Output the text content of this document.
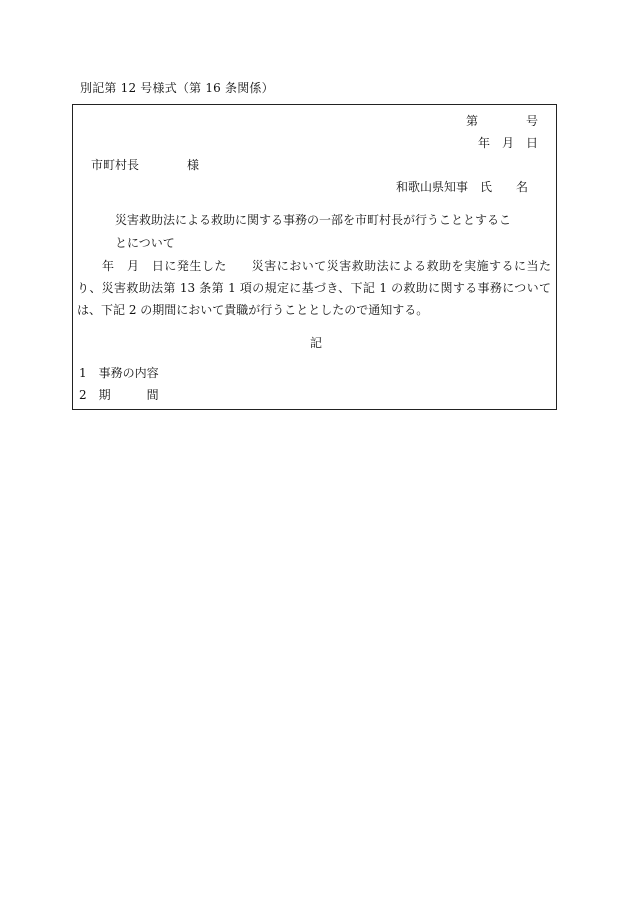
別記第 12 号様式（第 16 条関係）
第　　　　号
年　月　日
市町村長　　　　様
和歌山県知事　氏　　名
災害救助法による救助に関する事務の一部を市町村長が行うこととするこ
とについて
　　年　月　日に発生した　　災害において災害救助法による救助を実施するに当たり、災害救助法第 13 条第 1 項の規定に基づき、下記 1 の救助に関する事務については、下記 2 の期間において貴職が行うこととしたので通知する。
記
1　事務の内容
2　期　　　間
